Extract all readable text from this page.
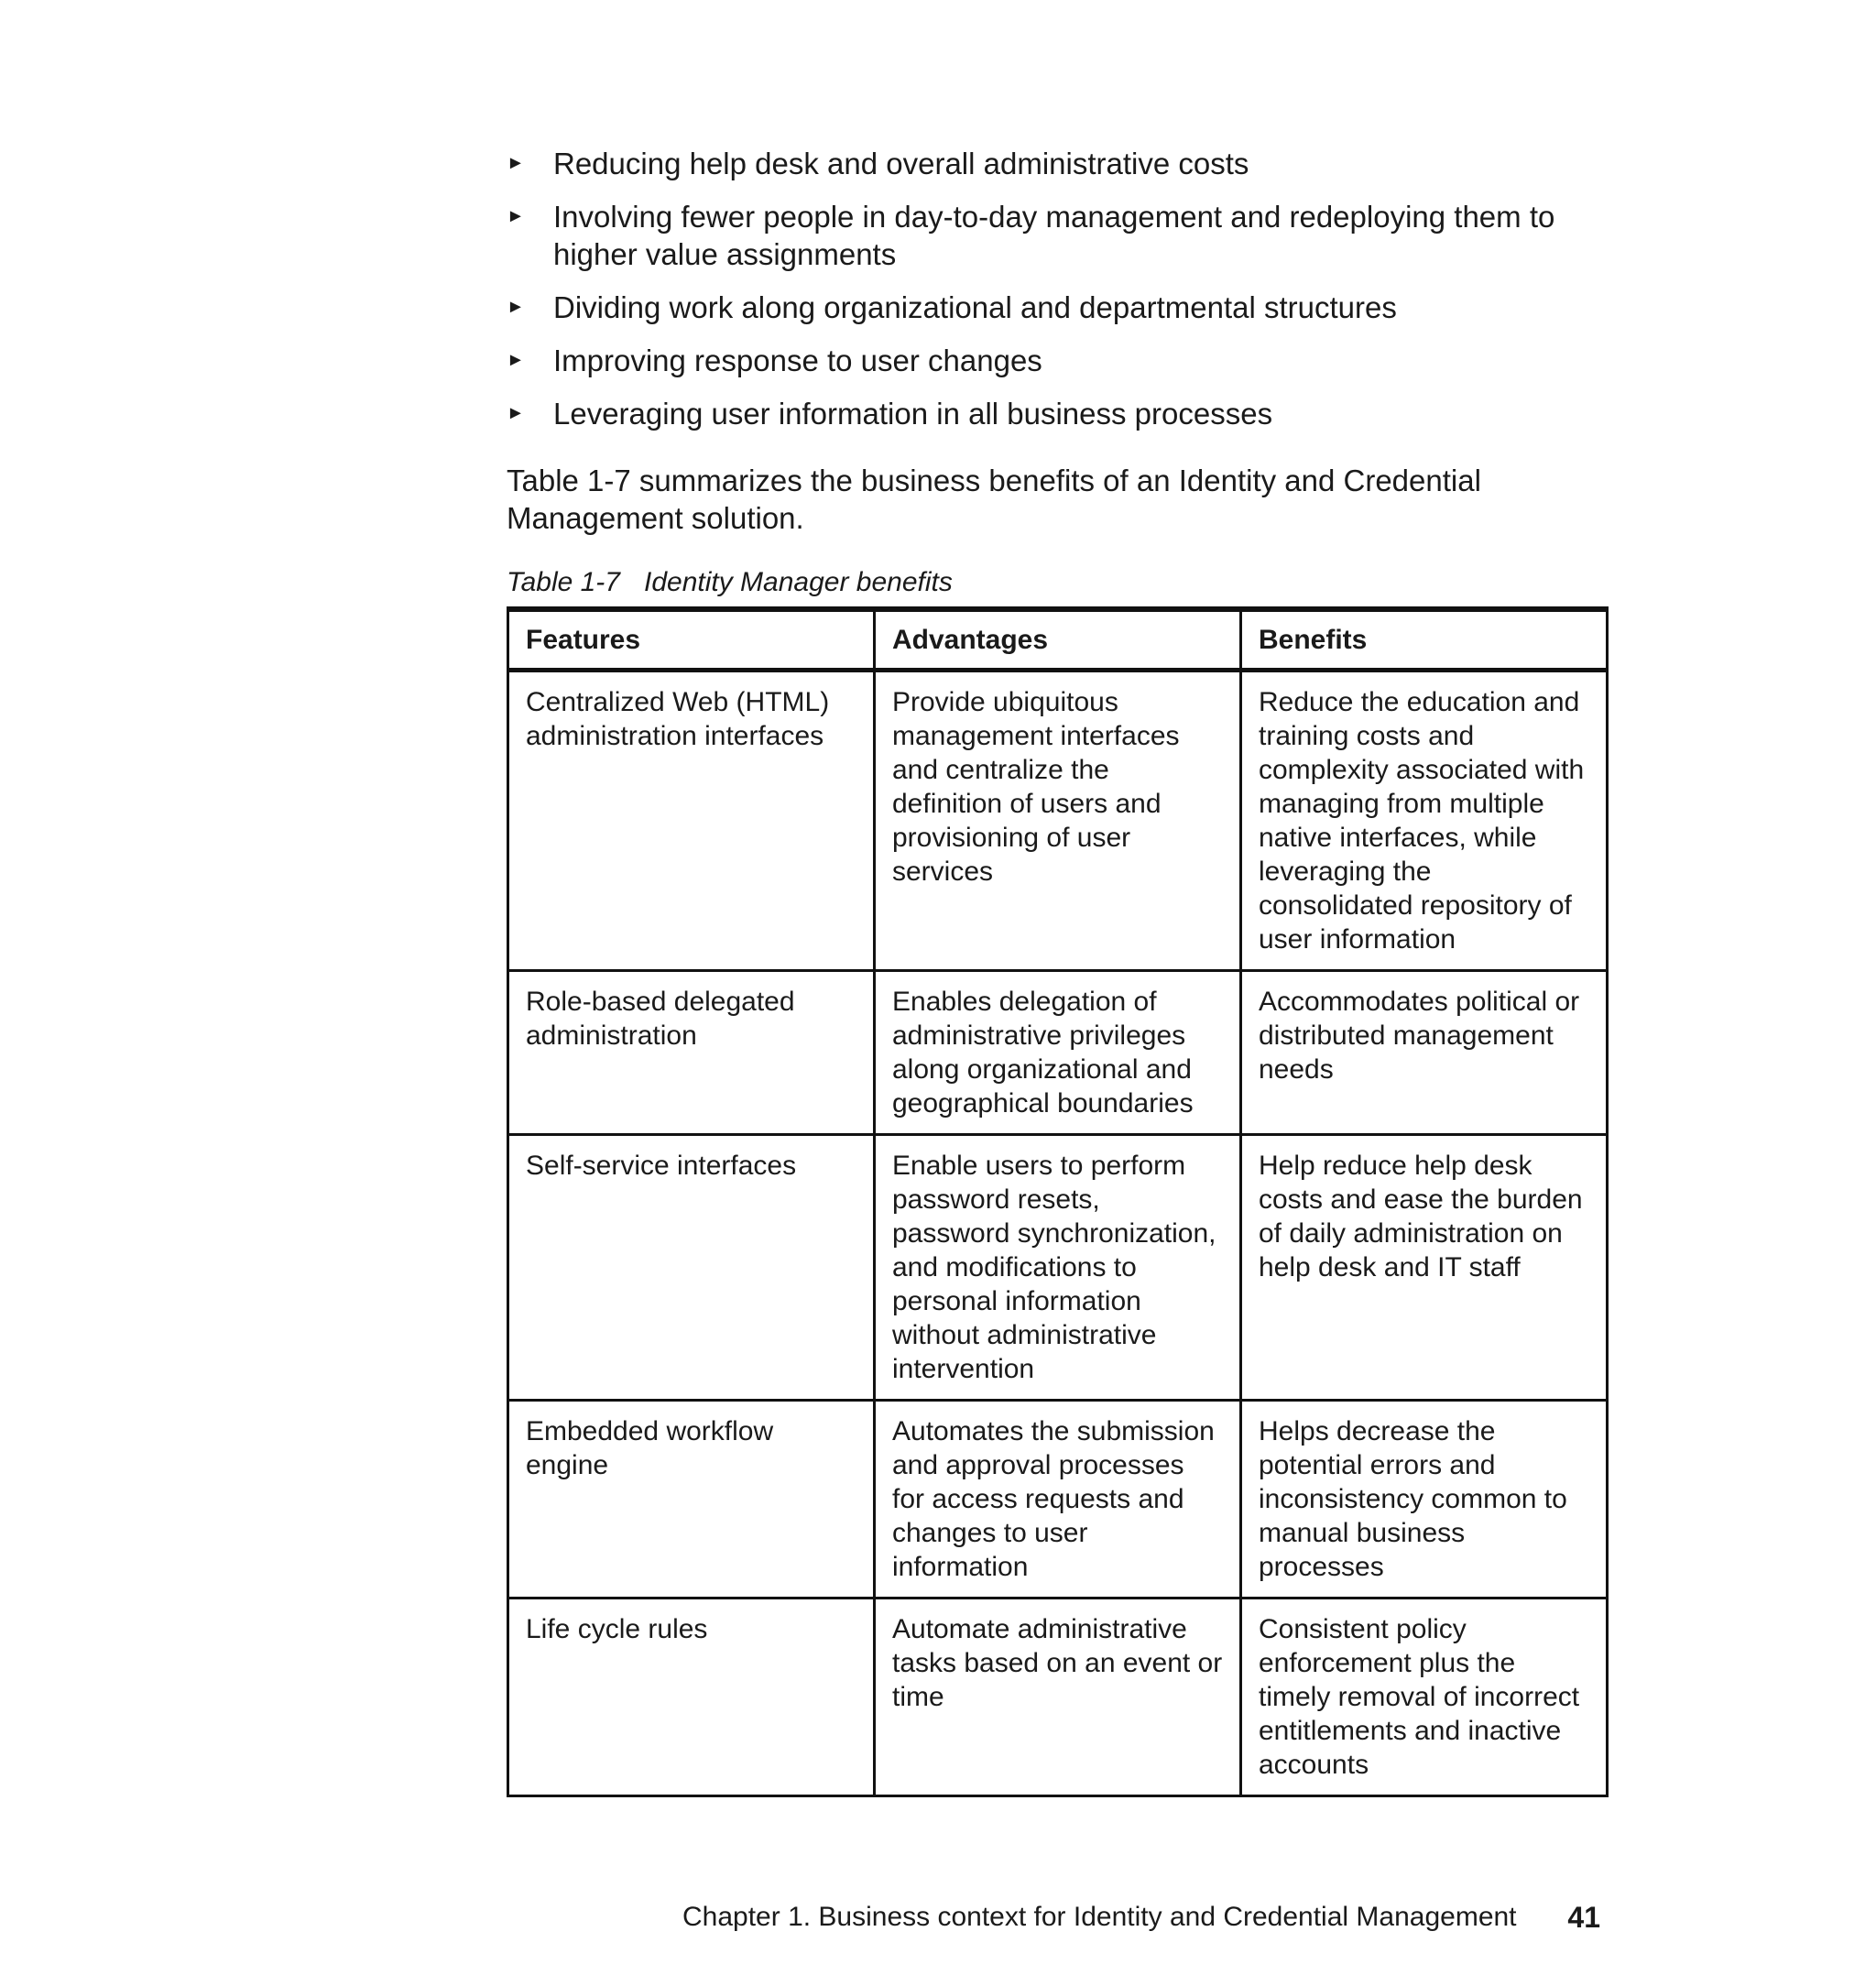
► Reducing help desk and overall administrative costs
► Involving fewer people in day-to-day management and redeploying them to higher value assignments
► Dividing work along organizational and departmental structures
► Improving response to user changes
► Leveraging user information in all business processes

Table 1-7 summarizes the business benefits of an Identity and Credential Management solution.

Table 1-7 Identity Manager benefits

Features	Advantages	Benefits
Centralized Web (HTML) administration interfaces	Provide ubiquitous management interfaces and centralize the definition of users and provisioning of user services	Reduce the education and training costs and complexity associated with managing from multiple native interfaces, while leveraging the consolidated repository of user information
Role-based delegated administration	Enables delegation of administrative privileges along organizational and geographical boundaries	Accommodates political or distributed management needs
Self-service interfaces	Enable users to perform password resets, password synchronization, and modifications to personal information without administrative intervention	Help reduce help desk costs and ease the burden of daily administration on help desk and IT staff
Embedded workflow engine	Automates the submission and approval processes for access requests and changes to user information	Helps decrease the potential errors and inconsistency common to manual business processes
Life cycle rules	Automate administrative tasks based on an event or time	Consistent policy enforcement plus the timely removal of incorrect entitlements and inactive accounts
Chapter 1. Business context for Identity and Credential Management 41
